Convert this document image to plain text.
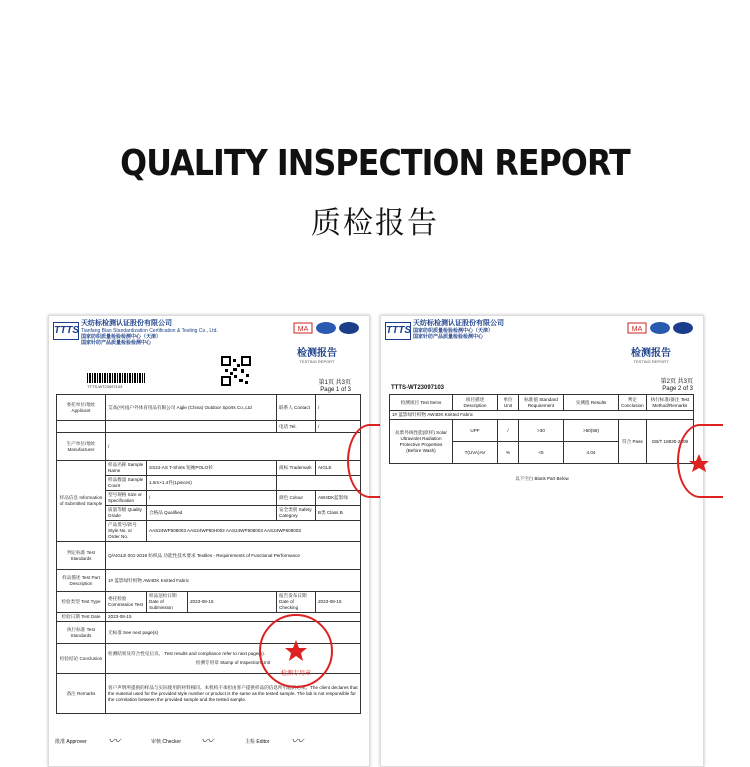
QUALITY INSPECTION REPORT
质检报告
TTTS
天纺标检测认证股份有限公司
Tianfang Biao Standardization Certification & Testing Co., Ltd.
国家纺织质量检验检测中心（天津）
国家针纺产品质量检验检测中心
MA
检测报告
TESTING REPORT
TTTS-WT23097103
第1页 共3页
Page 1 of 3
委托单位/地址 Applicant	艾高(中国)户外体育用品有限公司 Aigle (China) Outdoor Sports Co.,Ltd			联系人 Contact	/
				电话 Tel.	/
生产单位/地址 Manufacturer	/				
样品信息 Information of Submitted Sample	样品名称 Sample Name	SS24-AS T-Shirts 短袖POLO衫		商标 Trademark	AIGLE
	样品数量 Sample Count	1.5m×1.4件(1pieces)			
	型号规格 Size or Specification	/		颜色 Colour	AW4DK蓝影绿
	质量等级 Quality Grade	合格品 Qualified		安全类别 Safety Category	B类 Class B
	产品货号/款号 Style No. or Order No.	AAS24WP508003 AAS24WP50H002 AAS24WP508003 AAS24WP508003			
判定标准 Test Standards	Q/AIGLE 001-2019 纺织品 功能性技术要求 Textiles - Requirements of Functional Performance				
样品描述 Test Part Description	1# 蓝影绿针织物 AW4DK Knitted Fabric				
检验类型 Test Type	委托检验 Commission Test	样品送检日期 Date of Submission	2023-08-15	报告发布日期 Date of Checking	2023-08-15
检验日期 Test Date	2023-08-15				
执行标准 Test Standards	无标准 See next page(s)				
检验结论 Conclusion	检测结果及符合性见后页。 Test results and compliance refer to next page(s).
检测专用章 Stamp of Inspection Unit				

备注 Remarks	客户声明所提供的样品与实际使用的材料相同。本机构不承担由客户提供样品的信息所引起的后果。The client declares that the material used for the provided style number or product is the same as the tested sample. The lab is not responsible for the correlation between the provided sample and the tested sample.				
检测专用章
批准 Approver 〰	审核 Checker 〰	主检 Editor 〰
TTTS
天纺标检测认证股份有限公司
国家纺织质量检验检测中心（天津）
国家针纺产品质量检验检测中心
MA
检测报告
TESTING REPORT
TTTS-WT23097103
第2页 共3页
Page 2 of 3
检测项目 Test Items	项目描述 Description	单位 Unit	标准值 Standard Requirement	实测值 Results	判定 Conclusion	执行标准/备注 Test Method/Remarks
1# 蓝影绿针织物 AW4DK Knitted Fabric						
抗紫外线性能(原样) Solar Ultraviolet Radiation Protective Properties (Before Wash)	UPF	/	>30	>50(58)	符合 Pass	GB/T 18830-2009
	T(UVA)AV	%	<5	4.04		
以下空白 Blank Part Below
